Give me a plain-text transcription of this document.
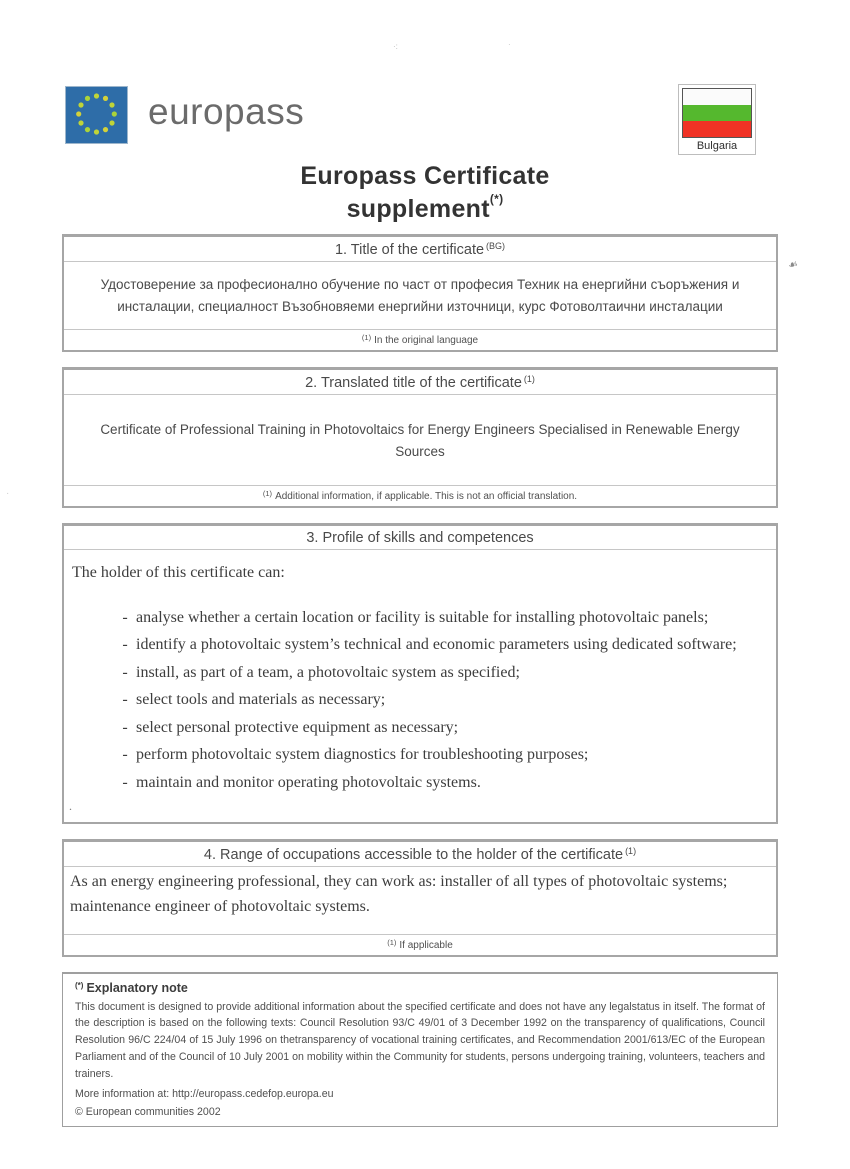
·:	·
☙
·
europass
Bulgaria
Europass Certificate
supplement(*)
1. Title of the certificate $^{(BG)}$
Удостоверение за професионално обучение по част от професия Техник на енергийни съоръжения и инсталации, специалност Възобновяеми енергийни източници, курс Фотоволтаични инсталации
$^{(1)}$ In the original language
2. Translated title of the certificate $^{(1)}$
Certificate of Professional Training in Photovoltaics for Energy Engineers Specialised in Renewable Energy Sources
$^{(1)}$ Additional information, if applicable. This is not an official translation.
3. Profile of skills and competences
The holder of this certificate can:
- analyse whether a certain location or facility is suitable for installing photovoltaic panels;
- identify a photovoltaic system’s technical and economic parameters using dedicated software;
- install, as part of a team, a photovoltaic system as specified;
- select tools and materials as necessary;
- select personal protective equipment as necessary;
- perform photovoltaic system diagnostics for troubleshooting purposes;
- maintain and monitor operating photovoltaic systems.
.
4. Range of occupations accessible to the holder of the certificate $^{(1)}$
As an energy engineering professional, they can work as: installer of all types of photovoltaic systems; maintenance engineer of photovoltaic systems.
$^{(1)}$ If applicable
(*) Explanatory note
This document is designed to provide additional information about the specified certificate and does not have any legalstatus in itself. The format of the description is based on the following texts: Council Resolution 93/C 49/01 of 3 December 1992 on the transparency of qualifications, Council Resolution 96/C 224/04 of 15 July 1996 on thetransparency of vocational training certificates, and Recommendation 2001/613/EC of the European Parliament and of the Council of 10 July 2001 on mobility within the Community for students, persons undergoing training, volunteers, teachers and trainers.
More information at: http://europass.cedefop.europa.eu
© European communities 2002
